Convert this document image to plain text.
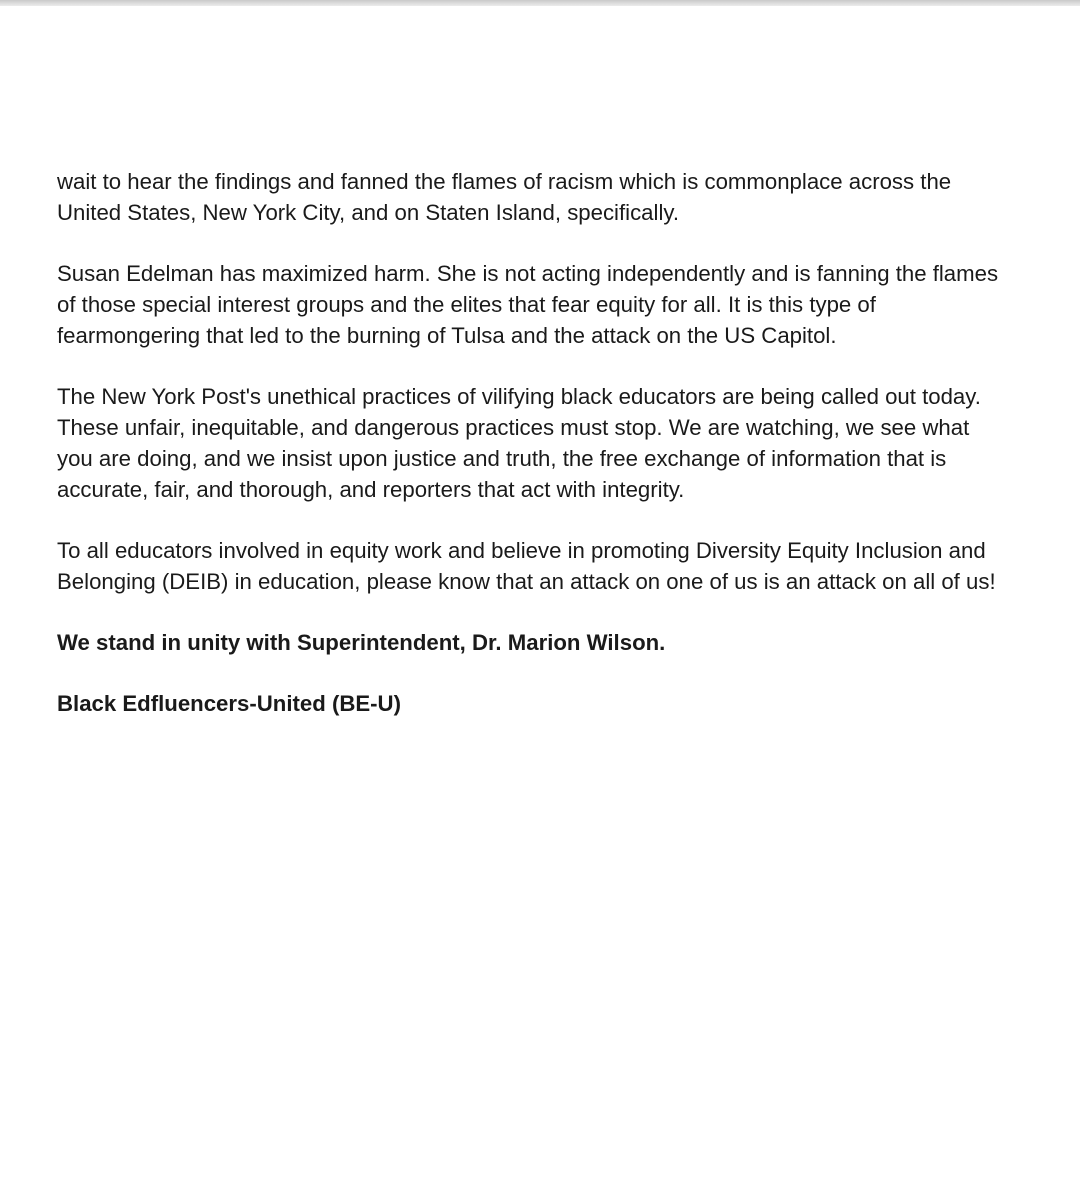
wait to hear the findings and fanned the flames of racism which is commonplace across the
United States, New York City, and on Staten Island, specifically.

Susan Edelman has maximized harm. She is not acting independently and is fanning the flames
of those special interest groups and the elites that fear equity for all. It is this type of
fearmongering that led to the burning of Tulsa and the attack on the US Capitol.

The New York Post's unethical practices of vilifying black educators are being called out today.
These unfair, inequitable, and dangerous practices must stop. We are watching, we see what
you are doing, and we insist upon justice and truth, the free exchange of information that is
accurate, fair, and thorough, and reporters that act with integrity.

To all educators involved in equity work and believe in promoting Diversity Equity Inclusion and
Belonging (DEIB) in education, please know that an attack on one of us is an attack on all of us!

We stand in unity with Superintendent, Dr. Marion Wilson.

Black Edfluencers-United (BE-U)
